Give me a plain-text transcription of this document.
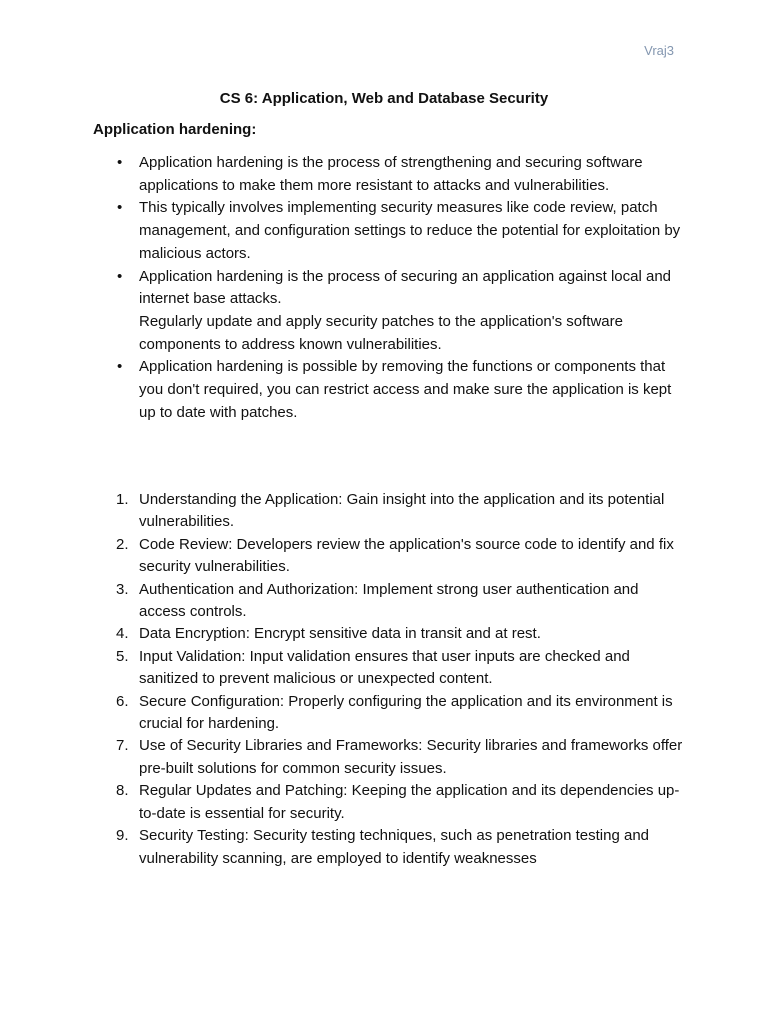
Vraj3
CS 6: Application, Web and Database Security
Application hardening:
• Application hardening is the process of strengthening and securing software applications to make them more resistant to attacks and vulnerabilities.
• This typically involves implementing security measures like code review, patch management, and configuration settings to reduce the potential for exploitation by malicious actors.
• Application hardening is the process of securing an application against local and internet base attacks.
Regularly update and apply security patches to the application's software components to address known vulnerabilities.
• Application hardening is possible by removing the functions or components that you don't required, you can restrict access and make sure the application is kept up to date with patches.
1. Understanding the Application: Gain insight into the application and its potential vulnerabilities.
2. Code Review: Developers review the application's source code to identify and fix security vulnerabilities.
3. Authentication and Authorization: Implement strong user authentication and access controls.
4. Data Encryption: Encrypt sensitive data in transit and at rest.
5. Input Validation: Input validation ensures that user inputs are checked and sanitized to prevent malicious or unexpected content.
6. Secure Configuration: Properly configuring the application and its environment is crucial for hardening.
7. Use of Security Libraries and Frameworks: Security libraries and frameworks offer pre-built solutions for common security issues.
8. Regular Updates and Patching: Keeping the application and its dependencies up-to-date is essential for security.
9. Security Testing: Security testing techniques, such as penetration testing and vulnerability scanning, are employed to identify weaknesses
